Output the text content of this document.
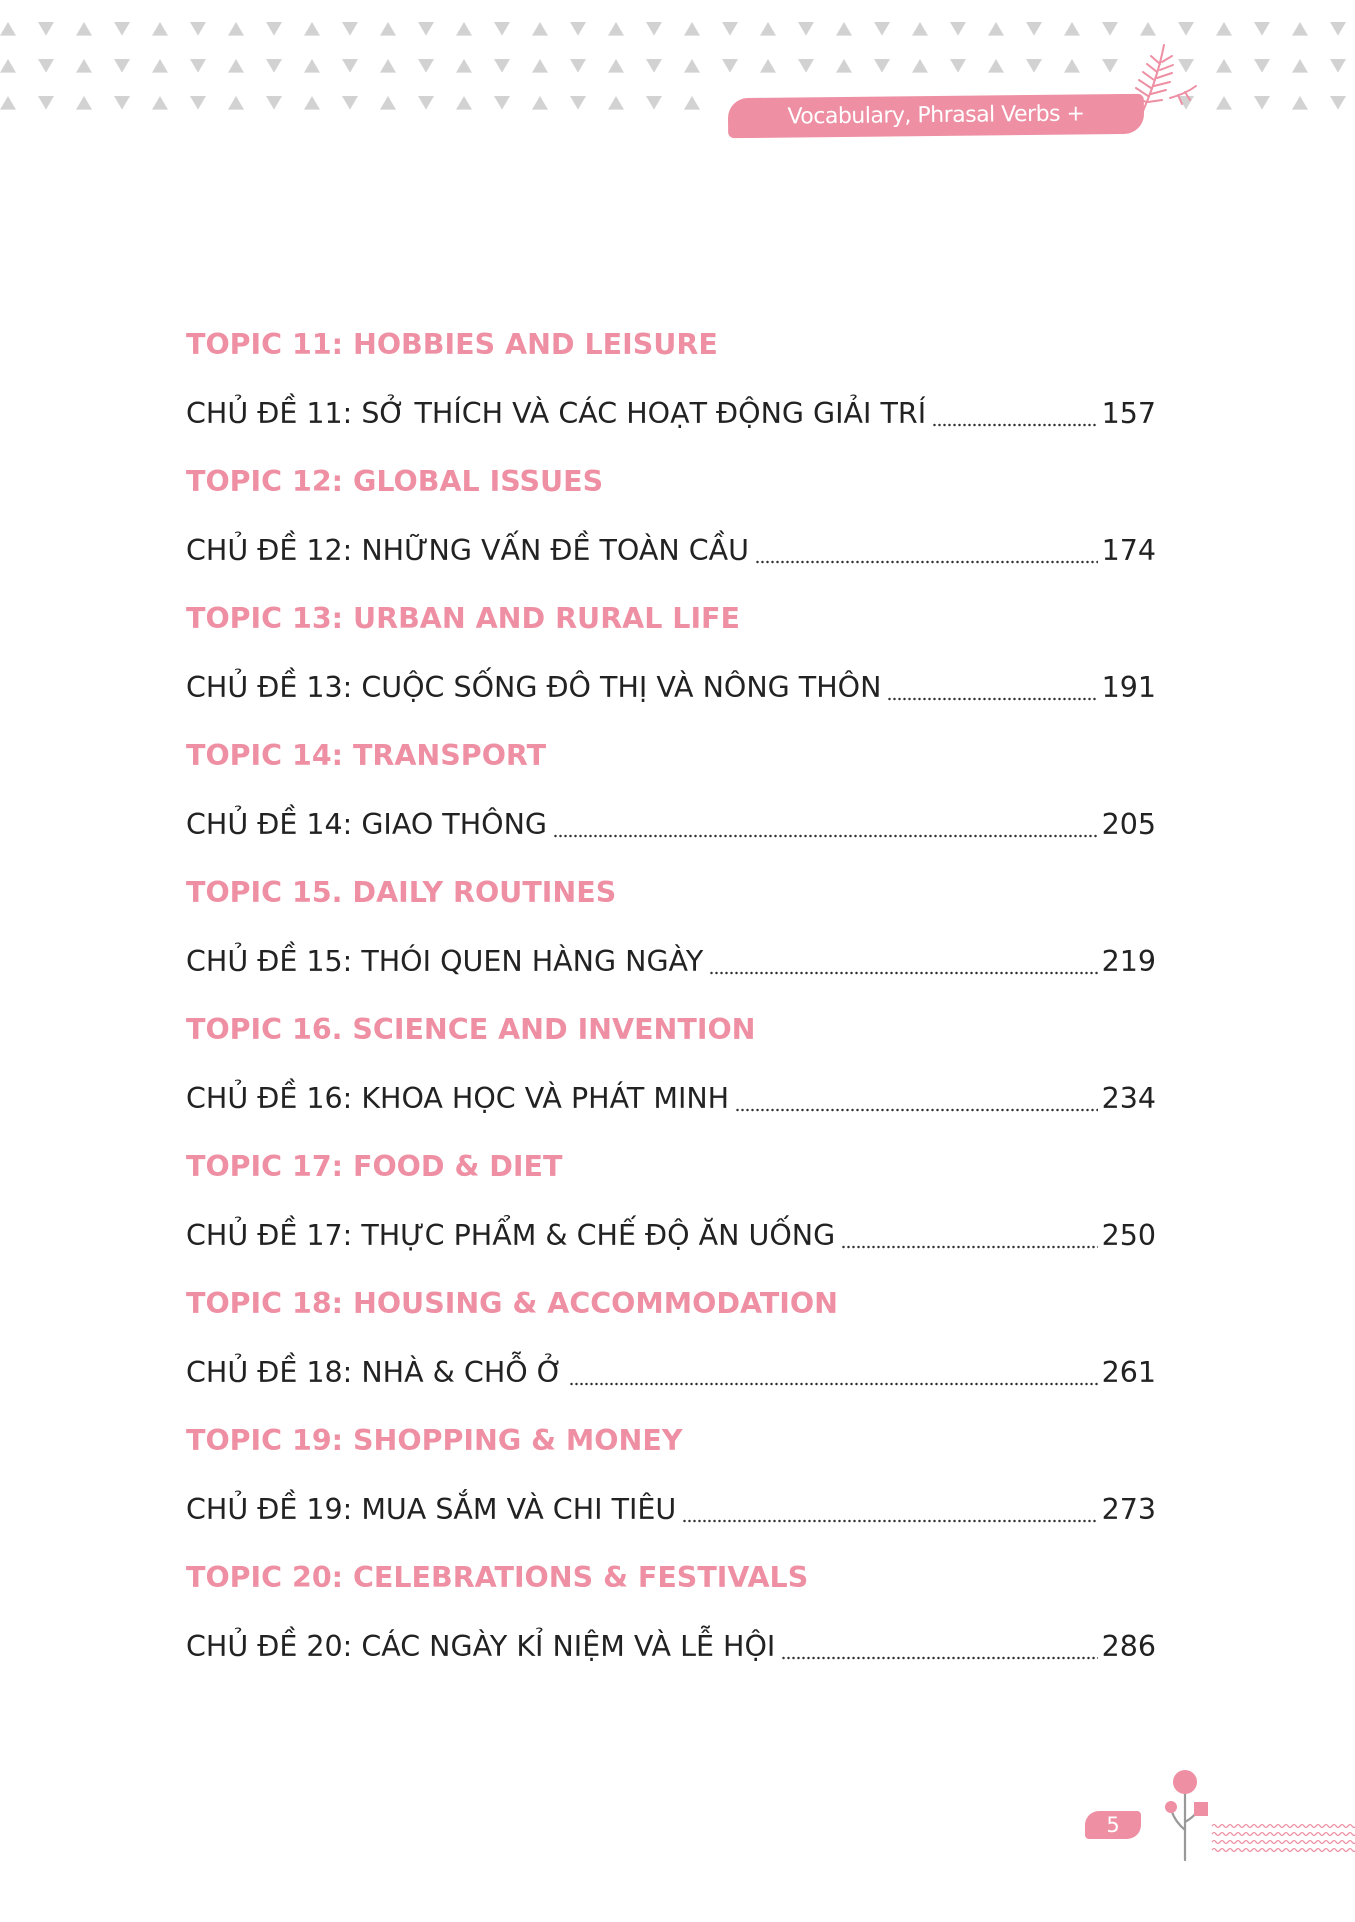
Vocabulary, Phrasal Verbs + Collocations
TOPIC 11: HOBBIES AND LEISURE
CHỦ ĐỀ 11: SỞ THÍCH VÀ CÁC HOẠT ĐỘNG GIẢI TRÍ	157
TOPIC 12: GLOBAL ISSUES
CHỦ ĐỀ 12: NHỮNG VẤN ĐỀ TOÀN CẦU	174
TOPIC 13: URBAN AND RURAL LIFE
CHỦ ĐỀ 13: CUỘC SỐNG ĐÔ THỊ VÀ NÔNG THÔN	191
TOPIC 14: TRANSPORT
CHỦ ĐỀ 14: GIAO THÔNG	205
TOPIC 15. DAILY ROUTINES
CHỦ ĐỀ 15: THÓI QUEN HÀNG NGÀY	219
TOPIC 16. SCIENCE AND INVENTION
CHỦ ĐỀ 16: KHOA HỌC VÀ PHÁT MINH	234
TOPIC 17: FOOD & DIET
CHỦ ĐỀ 17: THỰC PHẨM & CHẾ ĐỘ ĂN UỐNG	250
TOPIC 18: HOUSING & ACCOMMODATION
CHỦ ĐỀ 18: NHÀ & CHỖ Ở	261
TOPIC 19: SHOPPING & MONEY
CHỦ ĐỀ 19: MUA SẮM VÀ CHI TIÊU	273
TOPIC 20: CELEBRATIONS & FESTIVALS
CHỦ ĐỀ 20: CÁC NGÀY KỈ NIỆM VÀ LỄ HỘI	286
5
